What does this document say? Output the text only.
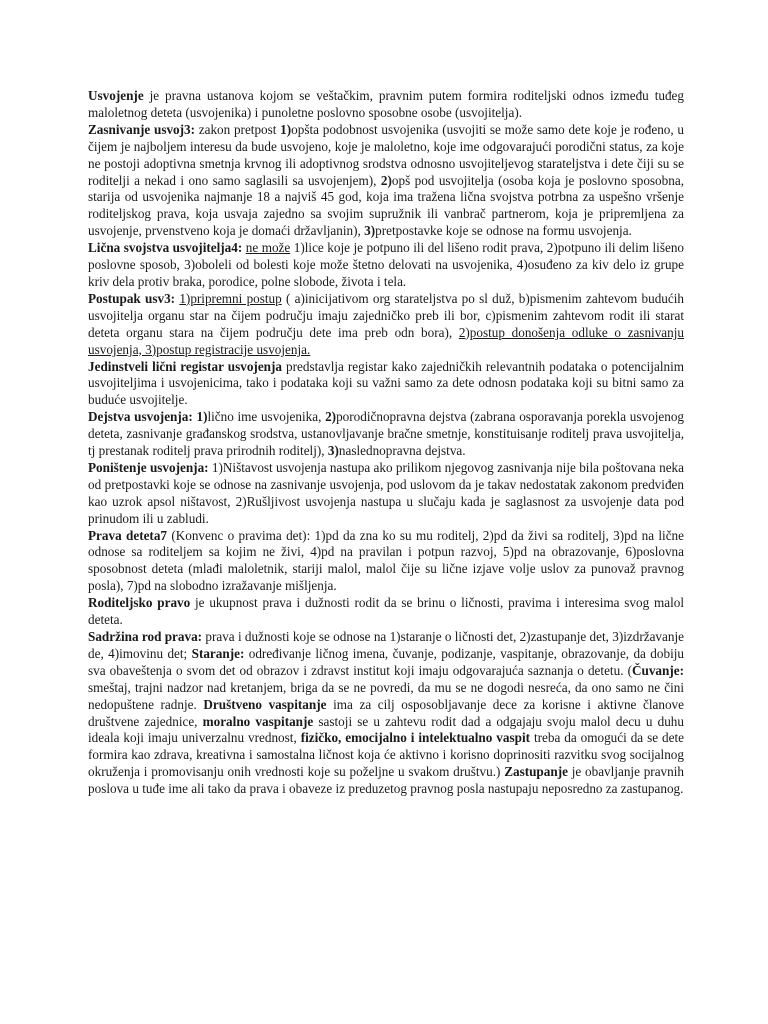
Usvojenje je pravna ustanova kojom se veštačkim, pravnim putem formira roditeljski odnos između tuđeg maloletnog deteta (usvojenika) i punoletne poslovno sposobne osobe (usvojitelja).

Zasnivanje usvoj3: zakon pretpost 1)opšta podobnost usvojenika (usvojiti se može samo dete koje je rođeno, u čijem je najboljem interesu da bude usvojeno, koje je maloletno, koje ime odgovarajući porodični status, za koje ne postoji adoptivna smetnja krvnog ili adoptivnog srodstva odnosno usvojiteljevog starateljstva i dete čiji su se roditelji a nekad i ono samo saglasili sa usvojenjem), 2)opš pod usvojitelja (osoba koja je poslovno sposobna, starija od usvojenika najmanje 18 a najviš 45 god, koja ima tražena lična svojstva potrbna za uspešno vršenje roditeljskog prava, koja usvaja zajedno sa svojim supružnik ili vanbrač partnerom, koja je pripremljena za usvojenje, prvenstveno koja je domaći državljanin), 3)pretpostavke koje se odnose na formu usvojenja.

Lična svojstva usvojitelja4: ne može 1)lice koje je potpuno ili del lišeno rodit prava, 2)potpuno ili delim lišeno poslovne sposob, 3)oboleli od bolesti koje može štetno delovati na usvojenika, 4)osuđeno za kiv delo iz grupe kriv dela protiv braka, porodice, polne slobode, života i tela.

Postupak usv3: 1)pripremni postup ( a)inicijativom org starateljstva po sl duž, b)pismenim zahtevom budućih usvojitelja organu star na čijem području imaju zajedničko preb ili bor, c)pismenim zahtevom rodit ili starat deteta organu stara na čijem području dete ima preb odn bora), 2)postup donošenja odluke o zasnivanju usvojenja, 3)postup registracije usvojenja.

Jedinstveli lični registar usvojenja predstavlja registar kako zajedničkih relevantnih podataka o potencijalnim usvojiteljima i usvojenicima, tako i podataka koji su važni samo za dete odnosn podataka koji su bitni samo za buduće usvojitelje.

Dejstva usvojenja: 1)lično ime usvojenika, 2)porodičnopravna dejstva (zabrana osporavanja porekla usvojenog deteta, zasnivanje građanskog srodstva, ustanovljavanje bračne smetnje, konstituisanje roditelj prava usvojitelja, tj prestanak roditelj prava prirodnih roditelj), 3)naslednopravna dejstva.

Poništenje usvojenja: 1)Ništavost usvojenja nastupa ako prilikom njegovog zasnivanja nije bila poštovana neka od pretpostavki koje se odnose na zasnivanje usvojenja, pod uslovom da je takav nedostatak zakonom predviđen kao uzrok apsol ništavost, 2)Rušljivost usvojenja nastupa u slučaju kada je saglasnost za usvojenje data pod prinudom ili u zabludi.

Prava deteta7 (Konvenc o pravima det): 1)pd da zna ko su mu roditelj, 2)pd da živi sa roditelj, 3)pd na lične odnose sa roditeljem sa kojim ne živi, 4)pd na pravilan i potpun razvoj, 5)pd na obrazovanje, 6)poslovna sposobnost deteta (mlađi maloletnik, stariji malol, malol čije su lične izjave volje uslov za punovaž pravnog posla), 7)pd na slobodno izražavanje mišljenja.

Roditeljsko pravo je ukupnost prava i dužnosti rodit da se brinu o ličnosti, pravima i interesima svog malol deteta.

Sadržina rod prava: prava i dužnosti koje se odnose na 1)staranje o ličnosti det, 2)zastupanje det, 3)izdržavanje de, 4)imovinu det; Staranje: određivanje ličnog imena, čuvanje, podizanje, vaspitanje, obrazovanje, da dobiju sva obaveštenja o svom det od obrazov i zdravst institut koji imaju odgovarajuća saznanja o detetu. (Čuvanje: smeštaj, trajni nadzor nad kretanjem, briga da se ne povredi, da mu se ne dogodi nesreća, da ono samo ne čini nedopuštene radnje. Društveno vaspitanje ima za cilj osposobljavanje dece za korisne i aktivne članove društvene zajednice, moralno vaspitanje sastoji se u zahtevu rodit dad a odgajaju svoju malol decu u duhu ideala koji imaju univerzalnu vrednost, fizičko, emocijalno i intelektualno vaspit treba da omogući da se dete formira kao zdrava, kreativna i samostalna ličnost koja će aktivno i korisno doprinositi razvitku svog socijalnog okruženja i promovisanju onih vrednosti koje su poželjne u svakom društvu.) Zastupanje je obavljanje pravnih poslova u tuđe ime ali tako da prava i obaveze iz preduzetog pravnog posla nastupaju neposredno za zastupanog.
